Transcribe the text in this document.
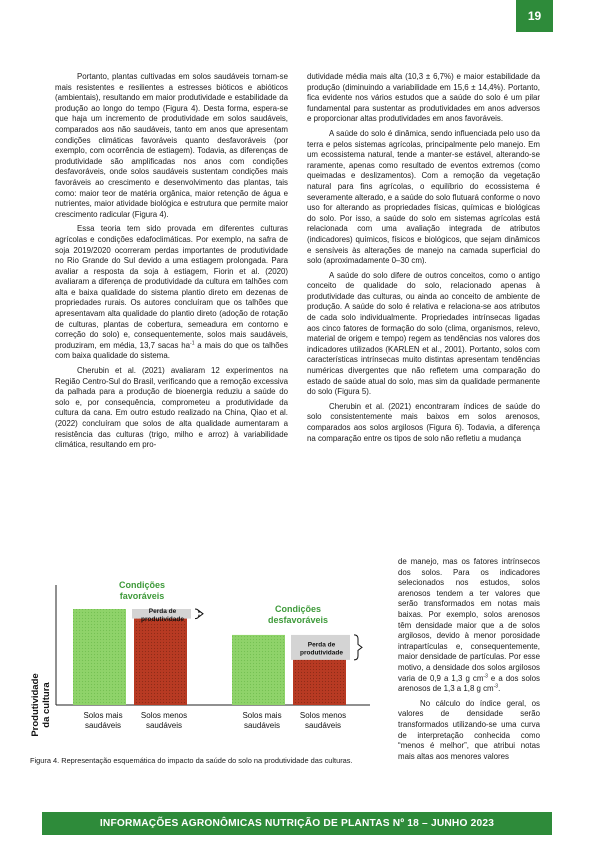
19

Portanto, plantas cultivadas em solos saudáveis tornam-se mais resistentes e resilientes a estresses bióticos e abióticos (ambientais), resultando em maior produtividade e estabilidade da produção ao longo do tempo (Figura 4). Desta forma, espera-se que haja um incremento de produtividade em solos saudáveis, comparados aos não saudáveis, tanto em anos que apresentam condições climáticas favoráveis quanto desfavoráveis (por exemplo, com ocorrência de estiagem). Todavia, as diferenças de produtividade são amplificadas nos anos com condições desfavoráveis, onde solos saudáveis sustentam condições mais favoráveis ao crescimento e desenvolvimento das plantas, tais como: maior teor de matéria orgânica, maior retenção de água e nutrientes, maior atividade biológica e estrutura que permite maior crescimento radicular (Figura 4).

Essa teoria tem sido provada em diferentes culturas agrícolas e condições edafoclimáticas. Por exemplo, na safra de soja 2019/2020 ocorreram perdas importantes de produtividade no Rio Grande do Sul devido a uma estiagem prolongada. Para avaliar a resposta da soja à estiagem, Fiorin et al. (2020) avaliaram a diferença de produtividade da cultura em talhões com alta e baixa qualidade do sistema plantio direto em dezenas de propriedades rurais. Os autores concluíram que os talhões que apresentavam alta qualidade do plantio direto (adoção de rotação de culturas, plantas de cobertura, semeadura em contorno e correção do solo) e, consequentemente, solos mais saudáveis, produziram, em média, 13,7 sacas $ha^{-1}$ a mais do que os talhões com baixa qualidade do sistema.

Cherubin et al. (2021) avaliaram 12 experimentos na Região Centro-Sul do Brasil, verificando que a remoção excessiva da palhada para a produção de bioenergia reduziu a saúde do solo e, por consequência, comprometeu a produtividade da cultura da cana. Em outro estudo realizado na China, Qiao et al. (2022) concluíram que solos de alta qualidade aumentaram a resistência das culturas (trigo, milho e arroz) à variabilidade climática, resultando em pro-

dutividade média mais alta (10,3 ± 6,7%) e maior estabilidade da produção (diminuindo a variabilidade em 15,6 ± 14,4%). Portanto, fica evidente nos vários estudos que a saúde do solo é um pilar fundamental para sustentar as produtividades em anos adversos e proporcionar altas produtividades em anos favoráveis.

A saúde do solo é dinâmica, sendo influenciada pelo uso da terra e pelos sistemas agrícolas, principalmente pelo manejo. Em um ecossistema natural, tende a manter-se estável, alterando-se raramente, apenas como resultado de eventos extremos (como queimadas e deslizamentos). Com a remoção da vegetação natural para fins agrícolas, o equilíbrio do ecossistema é severamente alterado, e a saúde do solo flutuará conforme o novo uso for alterando as propriedades físicas, químicas e biológicas do solo. Por isso, a saúde do solo em sistemas agrícolas está relacionada com uma avaliação integrada de atributos (indicadores) químicos, físicos e biológicos, que sejam dinâmicos e sensíveis às alterações de manejo na camada superficial do solo (aproximadamente 0–30 cm).

A saúde do solo difere de outros conceitos, como o antigo conceito de qualidade do solo, relacionado apenas à produtividade das culturas, ou ainda ao conceito de ambiente de produção. A saúde do solo é relativa e relaciona-se aos atributos de cada solo individualmente. Propriedades intrínsecas ligadas aos cinco fatores de formação do solo (clima, organismos, relevo, material de origem e tempo) regem as tendências nos valores dos indicadores utilizados (KARLEN et al., 2001). Portanto, solos com características intrínsecas muito distintas apresentam tendências numéricas divergentes que não refletem uma comparação do estado de saúde atual do solo, mas sim da qualidade permanente do solo (Figura 5).

Cherubin et al. (2021) encontraram índices de saúde do solo consistentemente mais baixos em solos arenosos, comparados aos solos argilosos (Figura 6). Todavia, a diferença na comparação entre os tipos de solo não refletiu a mudança

de manejo, mas os fatores intrínsecos dos solos. Para os indicadores selecionados nos estudos, solos arenosos tendem a ter valores que serão transformados em notas mais baixas. Por exemplo, solos arenosos têm densidade maior que a de solos argilosos, devido à menor porosidade intrapartículas e, consequentemente, maior densidade de partículas. Por esse motivo, a densidade dos solos argilosos varia de 0,9 a 1,3 g $cm^{-3}$ e a dos solos arenosos de 1,3 a 1,8 g $cm^{-3}$.

No cálculo do índice geral, os valores de densidade serão transformados utilizando-se uma curva de interpretação conhecida como “menos é melhor”, que atribui notas mais altas aos menores valores

Produtividade da cultura
Condições
favoráveis
Condições
desfavoráveis
Perda de
produtividade
Perda de
produtividade
Solos mais
saudáveis
Solos menos
saudáveis
Solos mais
saudáveis
Solos menos
saudáveis
Figura 4. Representação esquemática do impacto da saúde do solo na produtividade das culturas.
INFORMAÇÕES AGRONÔMICAS NUTRIÇÃO DE PLANTAS Nº 18 – JUNHO 2023
